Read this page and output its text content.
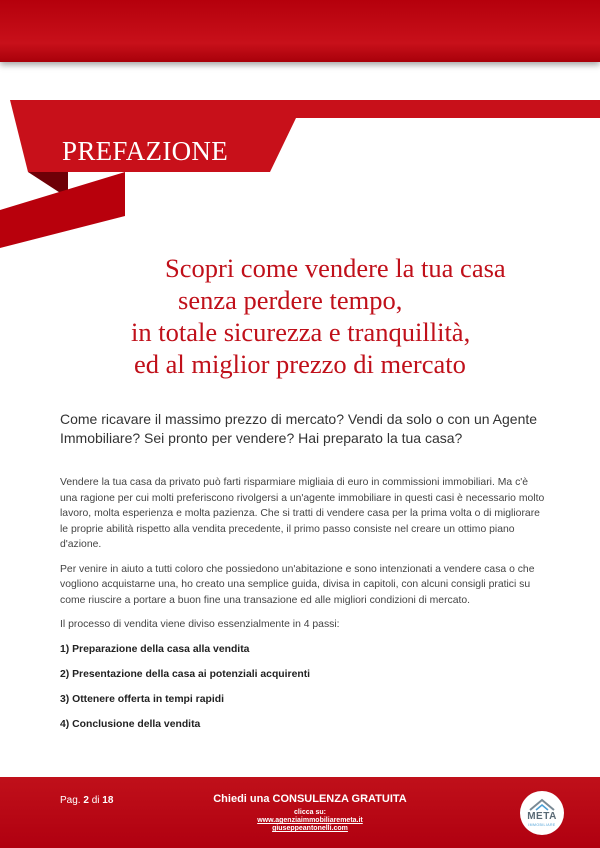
PREFAZIONE
Scopri come vendere la tua casa
senza perdere tempo,
in totale sicurezza e tranquillità,
ed al miglior prezzo di mercato

Come ricavare il massimo prezzo di mercato? Vendi da solo o con un Agente Immobiliare? Sei pronto per vendere? Hai preparato la tua casa?

Vendere la tua casa da privato può farti risparmiare migliaia di euro in commissioni immobiliari. Ma c'è una ragione per cui molti preferiscono rivolgersi a un'agente immobiliare in questi casi è necessario molto lavoro, molta esperienza e molta pazienza. Che si tratti di vendere casa per la prima volta o di migliorare le proprie abilità rispetto alla vendita precedente, il primo passo consiste nel creare un ottimo piano d'azione.

Per venire in aiuto a tutti coloro che possiedono un'abitazione e sono intenzionati a vendere casa o che vogliono acquistarne una, ho creato una semplice guida, divisa in capitoli, con alcuni consigli pratici su come riuscire a portare a buon fine una transazione ed alle migliori condizioni di mercato.

Il processo di vendita viene diviso essenzialmente in 4 passi:

1) Preparazione della casa alla vendita
2) Presentazione della casa ai potenziali acquirenti
3) Ottenere offerta in tempi rapidi
4) Conclusione della vendita
Pag. 2 di 18	Chiedi una CONSULENZA GRATUITA
clicca su:
www.agenziaimmobiliaremeta.it
giuseppeantonelli.com
META
IMMOBILIARE
